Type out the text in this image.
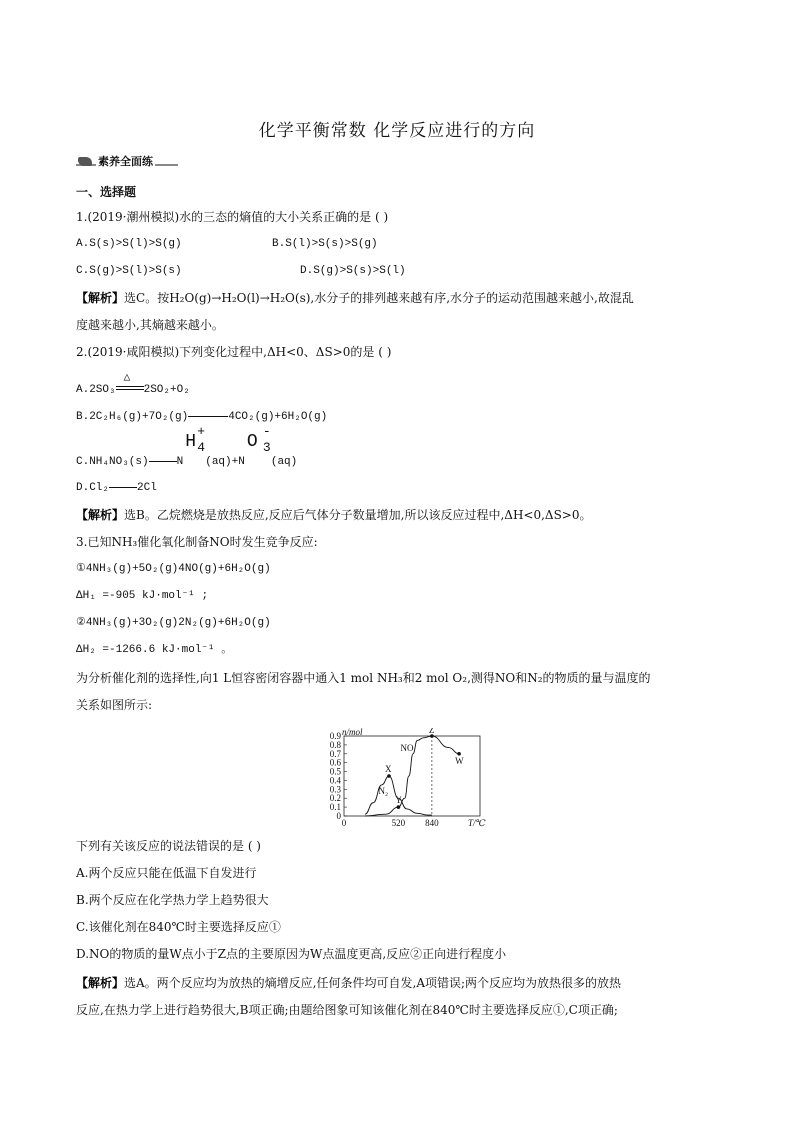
化学平衡常数 化学反应进行的方向
素养全面练
一、选择题
1.(2019·潮州模拟)水的三态的熵值的大小关系正确的是 ( )
A.S(s)>S(l)>S(g)	B.S(l)>S(s)>S(g)
C.S(g)>S(l)>S(s)	D.S(g)>S(s)>S(l)
【解析】选C。按H₂O(g)→H₂O(l)→H₂O(s),水分子的排列越来越有序,水分子的运动范围越来越小,故混乱
度越来越小,其熵越来越小。
2.(2019·咸阳模拟)下列变化过程中,ΔH<0、ΔS>0的是 ( )
A.2SO₃
△
2SO₂+O₂
B.2C₂H₆(g)+7O₂(g)	4CO₂(g)+6H₂O(g)
C.NH₄NO₃(s)	N
H
+
4
(aq)+N
O
-
3
(aq)
D.Cl₂	2Cl
【解析】选B。乙烷燃烧是放热反应,反应后气体分子数量增加,所以该反应过程中,ΔH<0,ΔS>0。
3.已知NH₃催化氧化制备NO时发生竞争反应:
①4NH₃(g)+5O₂(g)4NO(g)+6H₂O(g)
ΔH₁ =-905 kJ·mol⁻¹ ;
②4NH₃(g)+3O₂(g)2N₂(g)+6H₂O(g)
ΔH₂ =-1266.6 kJ·mol⁻¹ 。
为分析催化剂的选择性,向1 L恒容密闭容器中通入1 mol NH₃和2 mol O₂,测得NO和N₂的物质的量与温度的
关系如图所示:
0
0.1
0.2
0.3
0.4
0.5
0.6
0.7
0.8
0.9
0	520 840
n/mol
T/℃
N₂
NO
X
Y
Z
W
下列有关该反应的说法错误的是 ( )
A.两个反应只能在低温下自发进行
B.两个反应在化学热力学上趋势很大
C.该催化剂在840℃时主要选择反应①
D.NO的物质的量W点小于Z点的主要原因为W点温度更高,反应②正向进行程度小
【解析】选A。两个反应均为放热的熵增反应,任何条件均可自发,A项错误;两个反应均为放热很多的放热
反应,在热力学上进行趋势很大,B项正确;由题给图象可知该催化剂在840℃时主要选择反应①,C项正确;
